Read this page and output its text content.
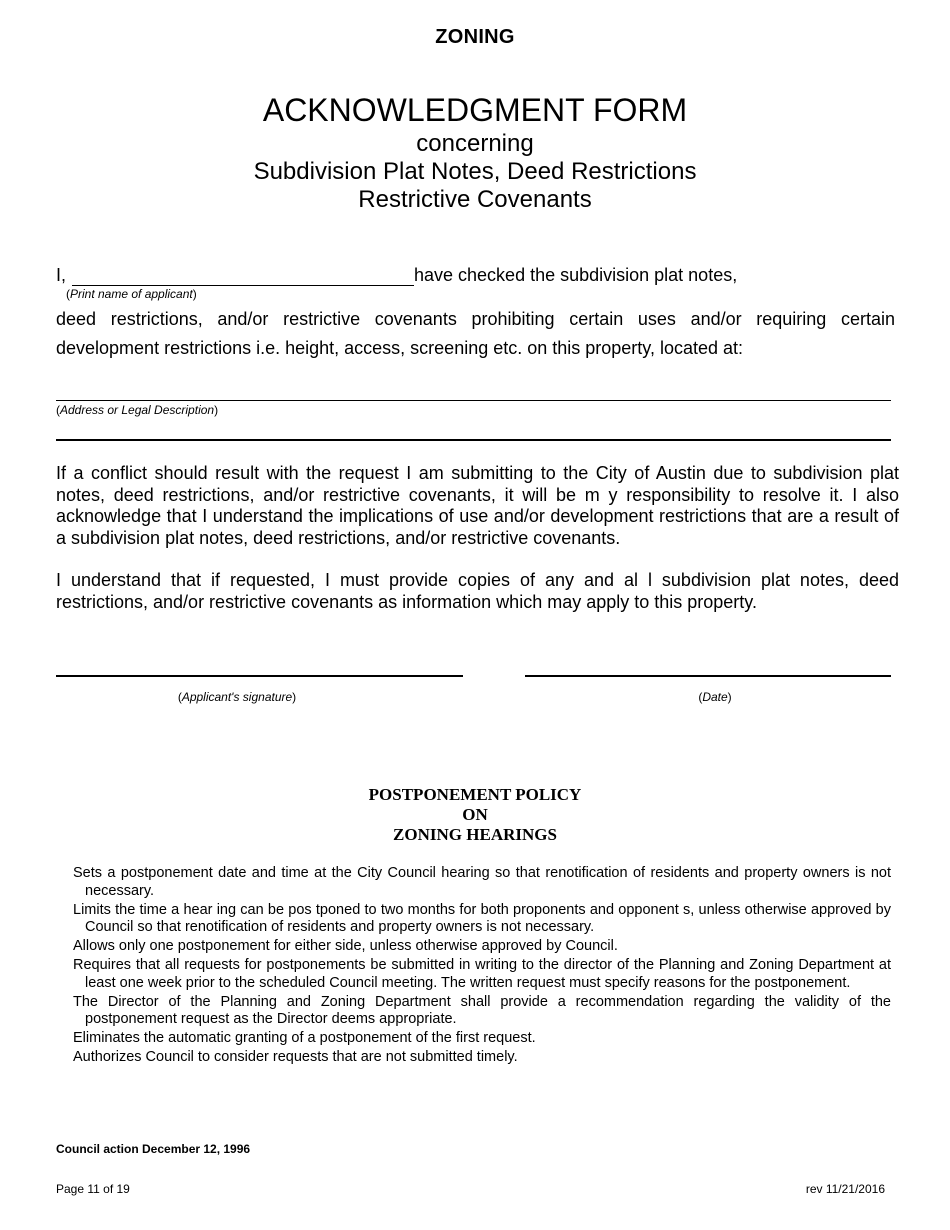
ZONING
ACKNOWLEDGMENT FORM
concerning
Subdivision Plat Notes, Deed Restrictions
Restrictive Covenants
I,	have checked the subdivision plat notes,
(Print name of applicant)
deed restrictions, and/or restrictive covenants prohibiting certain uses and/or requiring certain development restrictions i.e. height, access, screening etc. on this property, located at:
(Address or Legal Description)
If a conflict should result with the request I am submitting to the City of Austin due to subdivision plat notes, deed restrictions, and/or restrictive covenants, it will be m y responsibility to resolve it. I also acknowledge that I understand the implications of use and/or development restrictions that are a result of a subdivision plat notes, deed restrictions, and/or restrictive covenants.
I understand that if requested, I must provide copies of any and al l subdivision plat notes, deed restrictions, and/or restrictive covenants as information which may apply to this property.
(Applicant's signature)	(Date)
POSTPONEMENT POLICY
ON
ZONING HEARINGS
Sets a postponement date and time at the City Council hearing so that renotification of residents and property owners is not necessary.
Limits the time a hear ing can be pos tponed to two months for both proponents and opponent s, unless otherwise approved by Council so that renotification of residents and property owners is not necessary.
Allows only one postponement for either side, unless otherwise approved by Council.
Requires that all requests for postponements be submitted in writing to the director of the Planning and Zoning Department at least one week prior to the scheduled Council meeting. The written request must specify reasons for the postponement.
The Director of the Planning and Zoning Department shall provide a recommendation regarding the validity of the postponement request as the Director deems appropriate.
Eliminates the automatic granting of a postponement of the first request.
Authorizes Council to consider requests that are not submitted timely.
Council action December 12, 1996
Page 11 of 19	rev 11/21/2016
